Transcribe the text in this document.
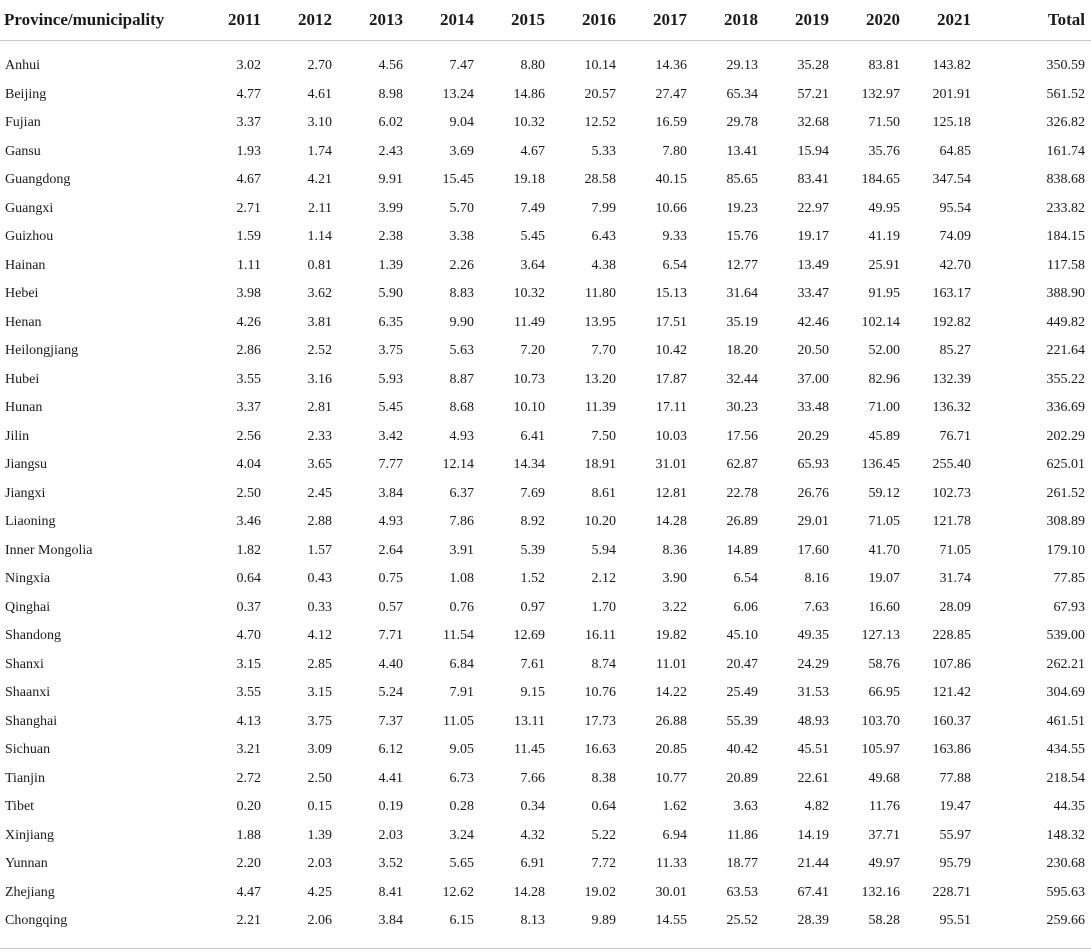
Province/municipality	2011	2012	2013	2014	2015	2016	2017	2018	2019	2020	2021	Total

Anhui	3.02	2.70	4.56	7.47	8.80	10.14	14.36	29.13	35.28	83.81	143.82	350.59
Beijing	4.77	4.61	8.98	13.24	14.86	20.57	27.47	65.34	57.21	132.97	201.91	561.52
Fujian	3.37	3.10	6.02	9.04	10.32	12.52	16.59	29.78	32.68	71.50	125.18	326.82
Gansu	1.93	1.74	2.43	3.69	4.67	5.33	7.80	13.41	15.94	35.76	64.85	161.74
Guangdong	4.67	4.21	9.91	15.45	19.18	28.58	40.15	85.65	83.41	184.65	347.54	838.68
Guangxi	2.71	2.11	3.99	5.70	7.49	7.99	10.66	19.23	22.97	49.95	95.54	233.82
Guizhou	1.59	1.14	2.38	3.38	5.45	6.43	9.33	15.76	19.17	41.19	74.09	184.15
Hainan	1.11	0.81	1.39	2.26	3.64	4.38	6.54	12.77	13.49	25.91	42.70	117.58
Hebei	3.98	3.62	5.90	8.83	10.32	11.80	15.13	31.64	33.47	91.95	163.17	388.90
Henan	4.26	3.81	6.35	9.90	11.49	13.95	17.51	35.19	42.46	102.14	192.82	449.82
Heilongjiang	2.86	2.52	3.75	5.63	7.20	7.70	10.42	18.20	20.50	52.00	85.27	221.64
Hubei	3.55	3.16	5.93	8.87	10.73	13.20	17.87	32.44	37.00	82.96	132.39	355.22
Hunan	3.37	2.81	5.45	8.68	10.10	11.39	17.11	30.23	33.48	71.00	136.32	336.69
Jilin	2.56	2.33	3.42	4.93	6.41	7.50	10.03	17.56	20.29	45.89	76.71	202.29
Jiangsu	4.04	3.65	7.77	12.14	14.34	18.91	31.01	62.87	65.93	136.45	255.40	625.01
Jiangxi	2.50	2.45	3.84	6.37	7.69	8.61	12.81	22.78	26.76	59.12	102.73	261.52
Liaoning	3.46	2.88	4.93	7.86	8.92	10.20	14.28	26.89	29.01	71.05	121.78	308.89
Inner Mongolia	1.82	1.57	2.64	3.91	5.39	5.94	8.36	14.89	17.60	41.70	71.05	179.10
Ningxia	0.64	0.43	0.75	1.08	1.52	2.12	3.90	6.54	8.16	19.07	31.74	77.85
Qinghai	0.37	0.33	0.57	0.76	0.97	1.70	3.22	6.06	7.63	16.60	28.09	67.93
Shandong	4.70	4.12	7.71	11.54	12.69	16.11	19.82	45.10	49.35	127.13	228.85	539.00
Shanxi	3.15	2.85	4.40	6.84	7.61	8.74	11.01	20.47	24.29	58.76	107.86	262.21
Shaanxi	3.55	3.15	5.24	7.91	9.15	10.76	14.22	25.49	31.53	66.95	121.42	304.69
Shanghai	4.13	3.75	7.37	11.05	13.11	17.73	26.88	55.39	48.93	103.70	160.37	461.51
Sichuan	3.21	3.09	6.12	9.05	11.45	16.63	20.85	40.42	45.51	105.97	163.86	434.55
Tianjin	2.72	2.50	4.41	6.73	7.66	8.38	10.77	20.89	22.61	49.68	77.88	218.54
Tibet	0.20	0.15	0.19	0.28	0.34	0.64	1.62	3.63	4.82	11.76	19.47	44.35
Xinjiang	1.88	1.39	2.03	3.24	4.32	5.22	6.94	11.86	14.19	37.71	55.97	148.32
Yunnan	2.20	2.03	3.52	5.65	6.91	7.72	11.33	18.77	21.44	49.97	95.79	230.68
Zhejiang	4.47	4.25	8.41	12.62	14.28	19.02	30.01	63.53	67.41	132.16	228.71	595.63
Chongqing	2.21	2.06	3.84	6.15	8.13	9.89	14.55	25.52	28.39	58.28	95.51	259.66
